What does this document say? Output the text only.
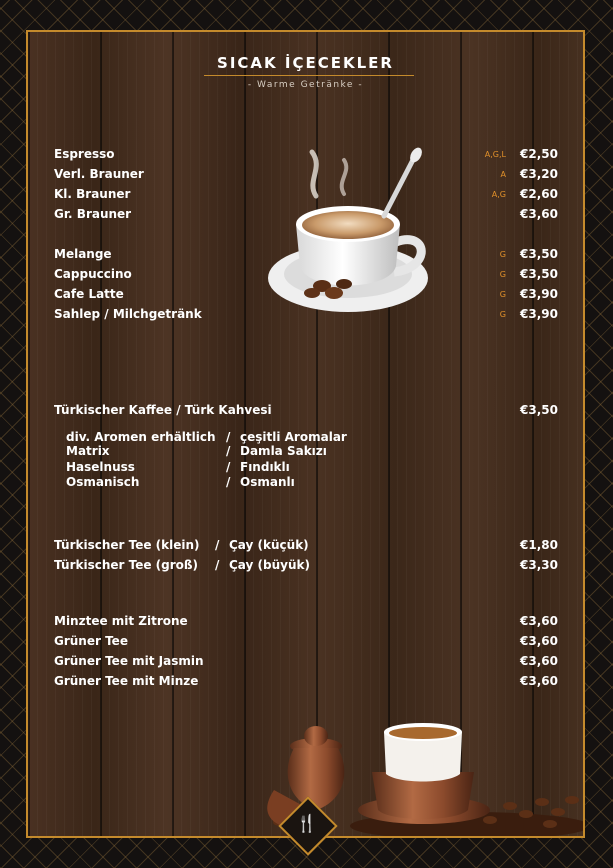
SICAK İÇECEKLER
- Warme Getränke -
Espresso	A,G,L	€2,50
Verl. Brauner	A	€3,20
Kl. Brauner	A,G	€2,60
Gr. Brauner	€3,60
Melange	G	€3,50
Cappuccino	G	€3,50
Cafe Latte	G	€3,90
Sahlep / Milchgetränk	G	€3,90
Türkischer Kaffee / Türk Kahvesi	€3,50
div. Aromen erhältlich / çeşitli Aromalar
Matrix	/ Damla Sakızı
Haselnuss	/ Fındıklı
Osmanisch	/ Osmanlı
Türkischer Tee (klein) / Çay (küçük)	€1,80
Türkischer Tee (groß) / Çay (büyük)	€3,30
Minztee mit Zitrone	€3,60
Grüner Tee	€3,60
Grüner Tee mit Jasmin	€3,60
Grüner Tee mit Minze	€3,60
🍴
